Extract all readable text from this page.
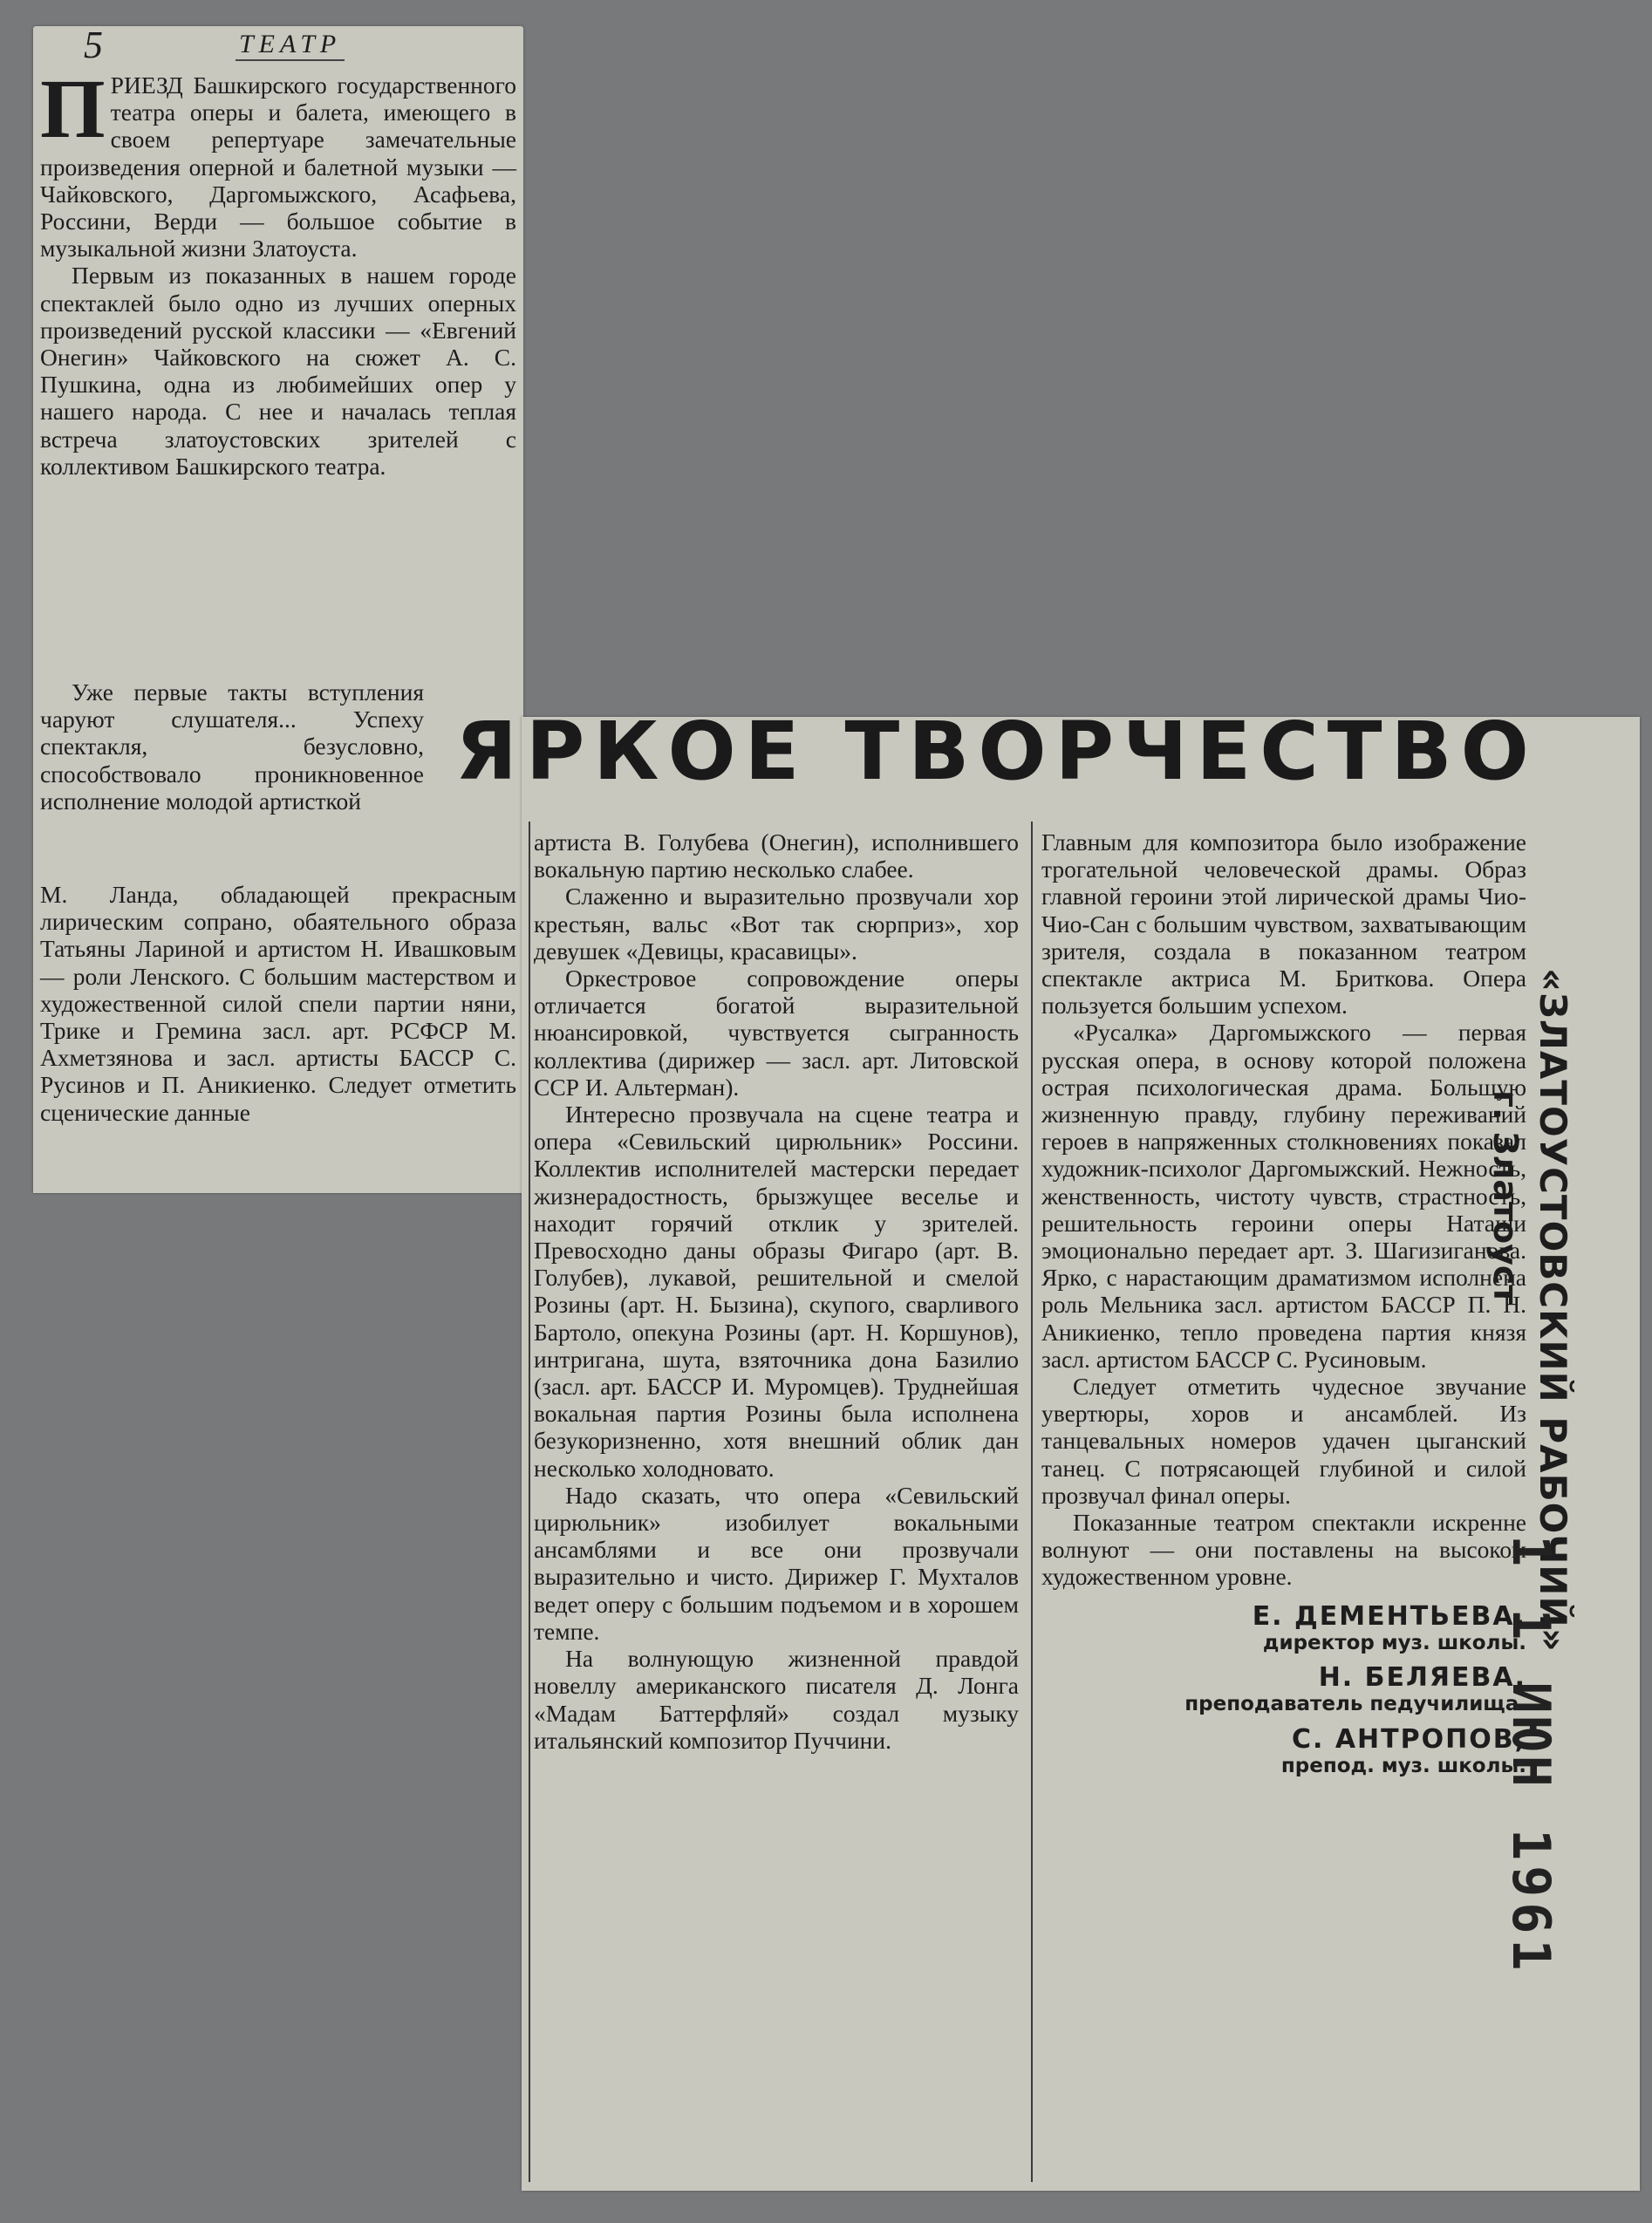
5	ТЕАТР
П РИЕЗД Башкирского государственного театра оперы и балета, имеющего в своем репертуаре замечательные произведения оперной и балетной музыки — Чайковского, Даргомыжского, Асафьева, Россини, Верди — большое событие в музыкальной жизни Златоуста.

Первым из показанных в нашем городе спектаклей было одно из лучших оперных произведений русской классики — «Евгений Онегин» Чайковского на сюжет А. С. Пушкина, одна из любимейших опер у нашего народа. С нее и началась теплая встреча златоустовских зрителей с коллективом Башкирского театра.

Уже первые такты вступления чаруют слушателя... Успеху спектакля, безусловно, способствовало проникновенное исполнение молодой артисткой

М. Ланда, обладающей прекрасным лирическим сопрано, обаятельного образа Татьяны Лариной и артистом Н. Ивашковым — роли Ленского. С большим мастерством и художественной силой спели партии няни, Трике и Гремина засл. арт. РСФСР М. Ахметзянова и засл. артисты БАССР С. Русинов и П. Аникиенко. Следует отметить сценические данные

ЯРКОЕ ТВОРЧЕСТВО

артиста В. Голубева (Онегин), исполнившего вокальную партию несколько слабее.

Слаженно и выразительно прозвучали хор крестьян, вальс «Вот так сюрприз», хор девушек «Девицы, красавицы».

Оркестровое сопровождение оперы отличается богатой выразительной нюансировкой, чувствуется сыгранность коллектива (дирижер — засл. арт. Литовской ССР И. Альтерман).

Интересно прозвучала на сцене театра и опера «Севильский цирюльник» Россини. Коллектив исполнителей мастерски передает жизнерадостность, брызжущее веселье и находит горячий отклик у зрителей. Превосходно даны образы Фигаро (арт. В. Голубев), лукавой, решительной и смелой Розины (арт. Н. Бызина), скупого, сварливого Бартоло, опекуна Розины (арт. Н. Коршунов), интригана, шута, взяточника дона Базилио (засл. арт. БАССР И. Муромцев). Труднейшая вокальная партия Розины была исполнена безукоризненно, хотя внешний облик дан несколько холодновато.

Надо сказать, что опера «Севильский цирюльник» изобилует вокальными ансамблями и все они прозвучали выразительно и чисто. Дирижер Г. Мухталов ведет оперу с большим подъемом и в хорошем темпе.

На волнующую жизненной правдой новеллу американского писателя Д. Лонга «Мадам Баттерфляй» создал музыку итальянский композитор Пуччини.

Главным для композитора было изображение трогательной человеческой драмы. Образ главной героини этой лирической драмы Чио-Чио-Сан с большим чувством, захватывающим зрителя, создала в показанном театром спектакле актриса М. Бриткова. Опера пользуется большим успехом.

«Русалка» Даргомыжского — первая русская опера, в основу которой положена острая психологическая драма. Большую жизненную правду, глубину переживаний героев в напряженных столкновениях показал художник-психолог Даргомыжский. Нежность, женственность, чистоту чувств, страстность, решительность героини оперы Наташи эмоционально передает арт. З. Шагизиганова. Ярко, с нарастающим драматизмом исполнена роль Мельника засл. артистом БАССР П. Н. Аникиенко, тепло проведена партия князя засл. артистом БАССР С. Русиновым.

Следует отметить чудесное звучание увертюры, хоров и ансамблей. Из танцевальных номеров удачен цыганский танец. С потрясающей глубиной и силой прозвучал финал оперы.

Показанные театром спектакли искренне волнуют — они поставлены на высоком художественном уровне.

Е. ДЕМЕНТЬЕВА,
директор муз. школы.
Н. БЕЛЯЕВА,
преподаватель педучилища.
С. АНТРОПОВ,
препод. муз. школы.
«ЗЛАТОУСТОВСКИЙ РАБОЧИЙ»
г. Златоуст
1 1 ИЮН 1961
